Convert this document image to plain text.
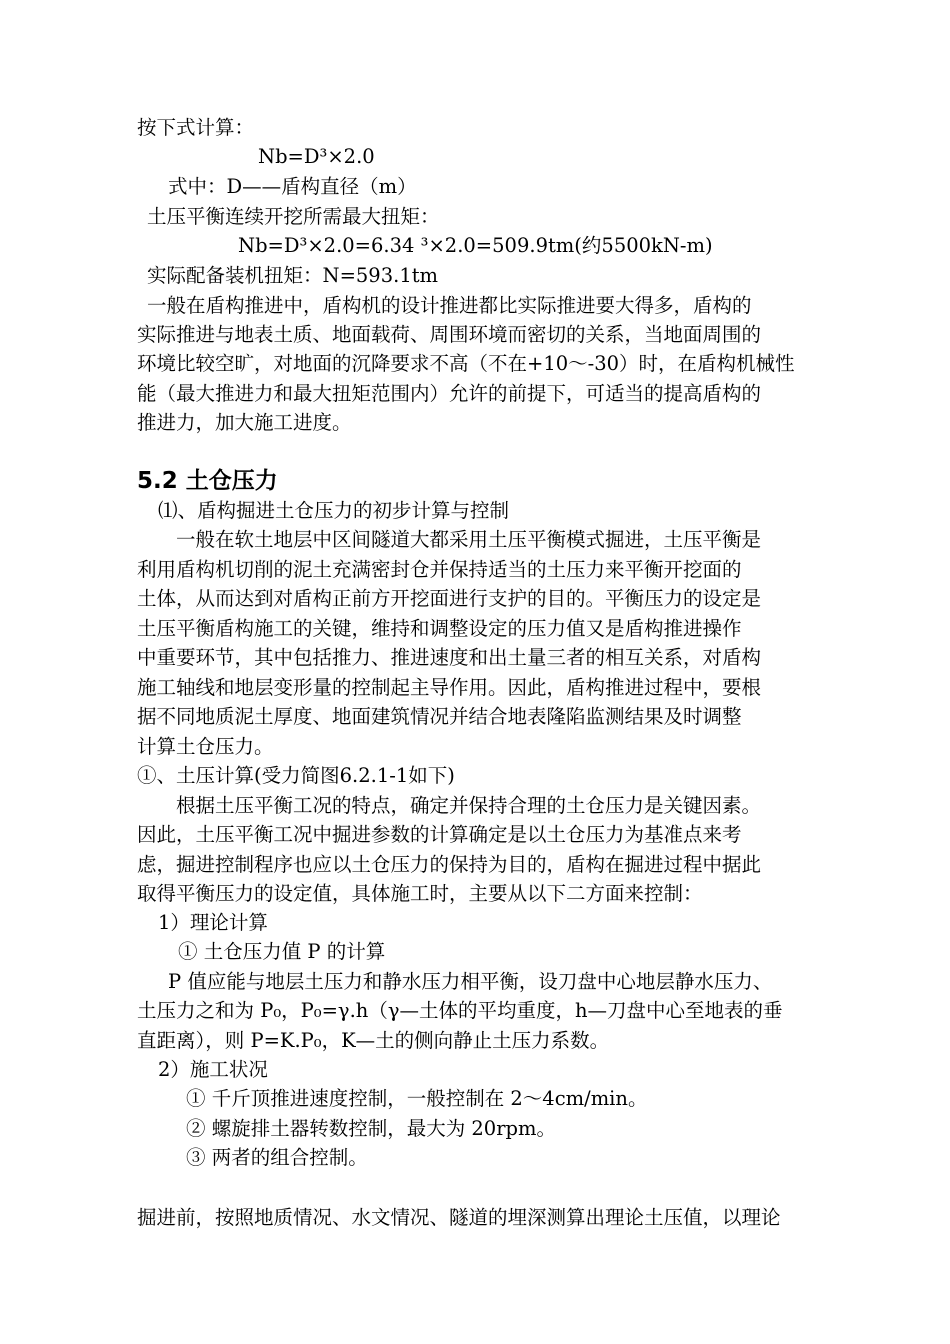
按下式计算：
Nb=D³×2.0
式中：D——盾构直径（m）
土压平衡连续开挖所需最大扭矩：
Nb=D³×2.0=6.34 ³×2.0=509.9tm(约5500kN-m)
实际配备装机扭矩：N=593.1tm
一般在盾构推进中，盾构机的设计推进都比实际推进要大得多，盾构的
实际推进与地表土质、地面载荷、周围环境而密切的关系，当地面周围的
环境比较空旷，对地面的沉降要求不高（不在+10～-30）时，在盾构机械性
能（最大推进力和最大扭矩范围内）允许的前提下，可适当的提高盾构的
推进力，加大施工进度。
5.2 土仓压力
⑴、盾构掘进土仓压力的初步计算与控制
一般在软土地层中区间隧道大都采用土压平衡模式掘进，土压平衡是
利用盾构机切削的泥土充满密封仓并保持适当的土压力来平衡开挖面的
土体，从而达到对盾构正前方开挖面进行支护的目的。平衡压力的设定是
土压平衡盾构施工的关键，维持和调整设定的压力值又是盾构推进操作
中重要环节，其中包括推力、推进速度和出土量三者的相互关系，对盾构
施工轴线和地层变形量的控制起主导作用。因此，盾构推进过程中，要根
据不同地质泥土厚度、地面建筑情况并结合地表隆陷监测结果及时调整
计算土仓压力。
①、土压计算(受力简图6.2.1-1如下)
根据土压平衡工况的特点，确定并保持合理的土仓压力是关键因素。
因此，土压平衡工况中掘进参数的计算确定是以土仓压力为基准点来考
虑，掘进控制程序也应以土仓压力的保持为目的，盾构在掘进过程中据此
取得平衡压力的设定值，具体施工时，主要从以下二方面来控制：
1）理论计算
① 土仓压力值 P 的计算
P 值应能与地层土压力和静水压力相平衡，设刀盘中心地层静水压力、
土压力之和为 P₀，P₀=γ.h（γ—土体的平均重度，h—刀盘中心至地表的垂
直距离），则 P=K.P₀，K—土的侧向静止土压力系数。
2）施工状况
① 千斤顶推进速度控制，一般控制在 2～4cm/min。
② 螺旋排土器转数控制，最大为 20rpm。
③ 两者的组合控制。
掘进前，按照地质情况、水文情况、隧道的埋深测算出理论土压值，以理论
